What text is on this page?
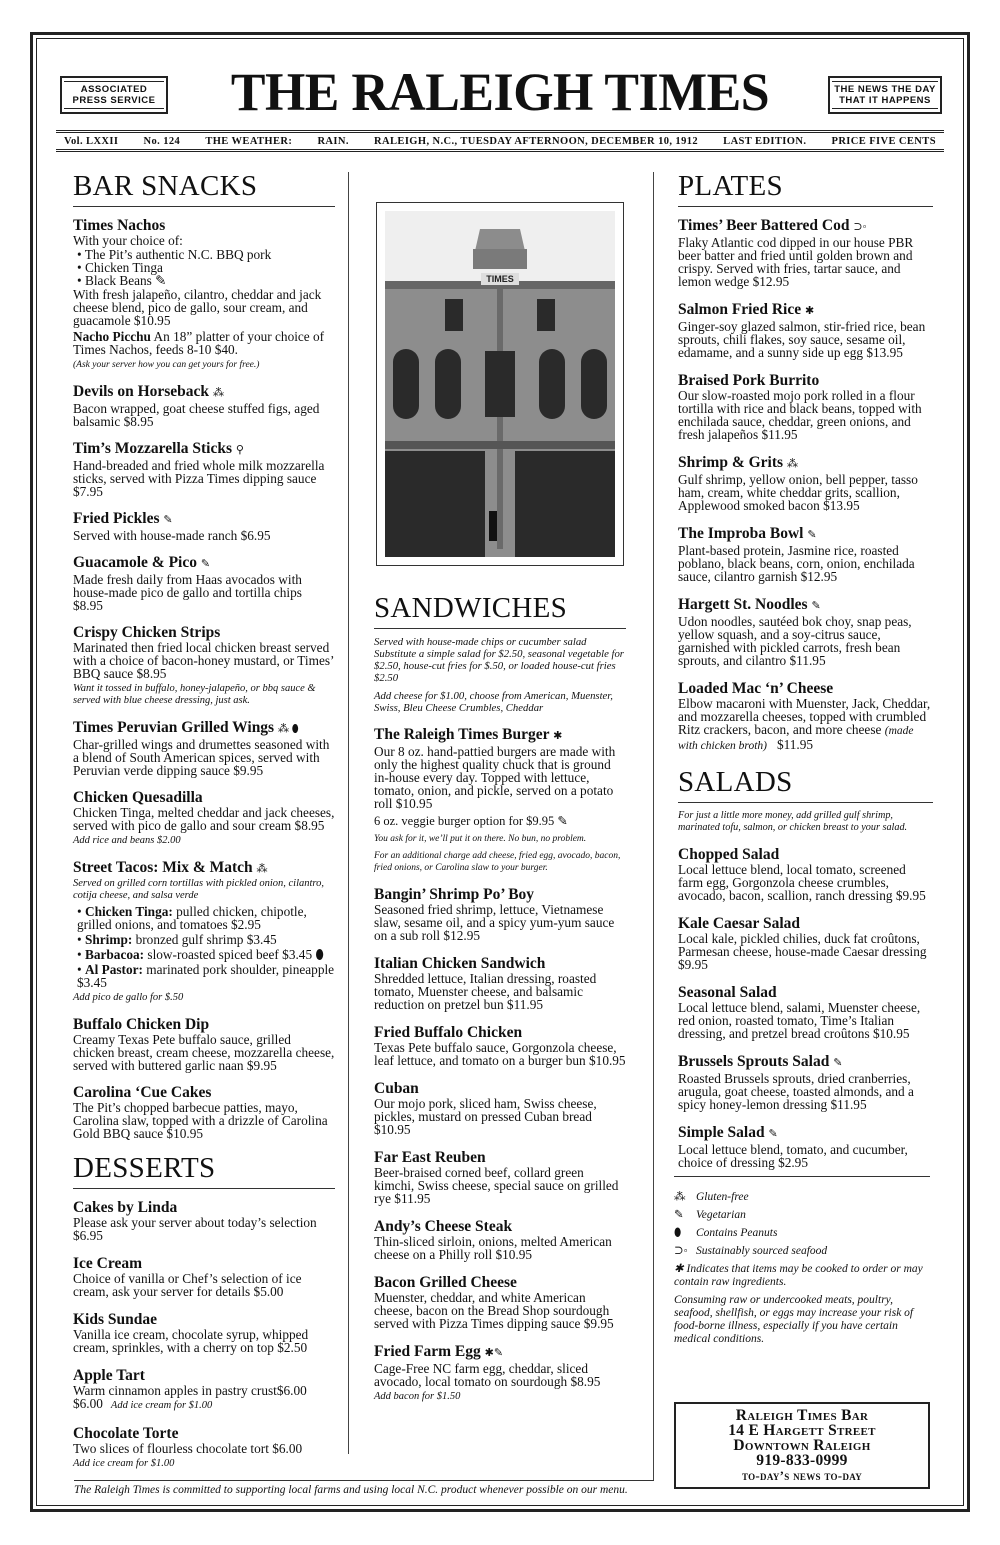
ASSOCIATED
PRESS SERVICE	THE RALEIGH TIMES	THE NEWS THE DAY
THAT IT HAPPENS
Vol. LXXII No. 124 THE WEATHER: RAIN. RALEIGH, N.C., TUESDAY AFTERNOON, DECEMBER 10, 1912 LAST EDITION. PRICE FIVE CENTS
BAR SNACKS
Times Nachos
With your choice of:
• The Pit’s authentic N.C. BBQ pork
• Chicken Tinga
• Black Beans ✎
With fresh jalapeño, cilantro, cheddar and jack cheese blend, pico de gallo, sour cream, and guacamole $10.95
Nacho Picchu An 18” platter of your choice of Times Nachos, feeds 8-10 $40.
(Ask your server how you can get yours for free.)
Devils on Horseback ⁂
Bacon wrapped, goat cheese stuffed figs, aged balsamic $8.95
Tim’s Mozzarella Sticks ⚲
Hand-breaded and fried whole milk mozzarella sticks, served with Pizza Times dipping sauce $7.95
Fried Pickles ✎
Served with house-made ranch $6.95
Guacamole & Pico ✎
Made fresh daily from Haas avocados with house-made pico de gallo and tortilla chips $8.95
Crispy Chicken Strips
Marinated then fried local chicken breast served with a choice of bacon-honey mustard, or Times’ BBQ sauce $8.95
Want it tossed in buffalo, honey-jalapeño, or bbq sauce & served with blue cheese dressing, just ask.
Times Peruvian Grilled Wings ⁂ ⬮
Char-grilled wings and drumettes seasoned with a blend of South American spices, served with Peruvian verde dipping sauce $9.95
Chicken Quesadilla
Chicken Tinga, melted cheddar and jack cheeses, served with pico de gallo and sour cream $8.95
Add rice and beans $2.00
Street Tacos: Mix & Match ⁂
Served on grilled corn tortillas with pickled onion, cilantro, cotija cheese, and salsa verde
• Chicken Tinga: pulled chicken, chipotle, grilled onions, and tomatoes $2.95
• Shrimp: bronzed gulf shrimp $3.45
• Barbacoa: slow-roasted spiced beef $3.45 ⬮
• Al Pastor: marinated pork shoulder, pineapple $3.45
Add pico de gallo for $.50
Buffalo Chicken Dip
Creamy Texas Pete buffalo sauce, grilled chicken breast, cream cheese, mozzarella cheese, served with buttered garlic naan $9.95
Carolina ‘Cue Cakes
The Pit’s chopped barbecue patties, mayo, Carolina slaw, topped with a drizzle of Carolina Gold BBQ sauce $10.95
DESSERTS
Cakes by Linda
Please ask your server about today’s selection $6.95
Ice Cream
Choice of vanilla or Chef’s selection of ice cream, ask your server for details $5.00
Kids Sundae
Vanilla ice cream, chocolate syrup, whipped cream, sprinkles, with a cherry on top $2.50
Apple Tart
Warm cinnamon apples in pastry crust$6.00
$6.00 Add ice cream for $1.00
Chocolate Torte
Two slices of flourless chocolate tort $6.00
Add ice cream for $1.00
TIMES
SANDWICHES
Served with house-made chips or cucumber salad Substitute a simple salad for $2.50, seasonal vegetable for $2.50, house-cut fries for $.50, or loaded house-cut fries $2.50
Add cheese for $1.00, choose from American, Muenster, Swiss, Bleu Cheese Crumbles, Cheddar
The Raleigh Times Burger ✱
Our 8 oz. hand-pattied burgers are made with only the highest quality chuck that is ground in-house every day. Topped with lettuce, tomato, onion, and pickle, served on a potato roll $10.95
6 oz. veggie burger option for $9.95 ✎
You ask for it, we’ll put it on there. No bun, no problem.
For an additional charge add cheese, fried egg, avocado, bacon, fried onions, or Carolina slaw to your burger.
Bangin’ Shrimp Po’ Boy
Seasoned fried shrimp, lettuce, Vietnamese slaw, sesame oil, and a spicy yum-yum sauce on a sub roll $12.95
Italian Chicken Sandwich
Shredded lettuce, Italian dressing, roasted tomato, Muenster cheese, and balsamic reduction on pretzel bun $11.95
Fried Buffalo Chicken
Texas Pete buffalo sauce, Gorgonzola cheese, leaf lettuce, and tomato on a burger bun $10.95
Cuban
Our mojo pork, sliced ham, Swiss cheese, pickles, mustard on pressed Cuban bread $10.95
Far East Reuben
Beer-braised corned beef, collard green kimchi, Swiss cheese, special sauce on grilled rye $11.95
Andy’s Cheese Steak
Thin-sliced sirloin, onions, melted American cheese on a Philly roll $10.95
Bacon Grilled Cheese
Muenster, cheddar, and white American cheese, bacon on the Bread Shop sourdough served with Pizza Times dipping sauce $9.95
Fried Farm Egg ✱✎
Cage-Free NC farm egg, cheddar, sliced avocado, local tomato on sourdough $8.95
Add bacon for $1.50
PLATES
Times’ Beer Battered Cod ⊃◦
Flaky Atlantic cod dipped in our house PBR beer batter and fried until golden brown and crispy. Served with fries, tartar sauce, and lemon wedge $12.95
Salmon Fried Rice ✱
Ginger-soy glazed salmon, stir-fried rice, bean sprouts, chili flakes, soy sauce, sesame oil, edamame, and a sunny side up egg $13.95
Braised Pork Burrito
Our slow-roasted mojo pork rolled in a flour tortilla with rice and black beans, topped with enchilada sauce, cheddar, green onions, and fresh jalapeños $11.95
Shrimp & Grits ⁂
Gulf shrimp, yellow onion, bell pepper, tasso ham, cream, white cheddar grits, scallion, Applewood smoked bacon $13.95
The Improba Bowl ✎
Plant-based protein, Jasmine rice, roasted poblano, black beans, corn, onion, enchilada sauce, cilantro garnish $12.95
Hargett St. Noodles ✎
Udon noodles, sautéed bok choy, snap peas, yellow squash, and a soy-citrus sauce, garnished with pickled carrots, fresh bean sprouts, and cilantro $11.95
Loaded Mac ‘n’ Cheese
Elbow macaroni with Muenster, Jack, Cheddar, and mozzarella cheeses, topped with crumbled Ritz crackers, bacon, and more cheese (made with chicken broth)   $11.95
SALADS
For just a little more money, add grilled gulf shrimp, marinated tofu, salmon, or chicken breast to your salad.
Chopped Salad
Local lettuce blend, local tomato, screened farm egg, Gorgonzola cheese crumbles, avocado, bacon, scallion, ranch dressing $9.95
Kale Caesar Salad
Local kale, pickled chilies, duck fat croûtons, Parmesan cheese, house-made Caesar dressing $9.95
Seasonal Salad
Local lettuce blend, salami, Muenster cheese, red onion, roasted tomato, Time’s Italian dressing, and pretzel bread croûtons $10.95
Brussels Sprouts Salad ✎
Roasted Brussels sprouts, dried cranberries, arugula, goat cheese, toasted almonds, and a spicy honey-lemon dressing $11.95
Simple Salad ✎
Local lettuce blend, tomato, and cucumber, choice of dressing $2.95
⁂ Gluten-free
✎	Vegetarian
⬮	Contains Peanuts
⊃◦ Sustainably sourced seafood
✱ Indicates that items may be cooked to order or may contain raw ingredients.
Consuming raw or undercooked meats, poultry, seafood, shellfish, or eggs may increase your risk of food-borne illness, especially if you have certain medical conditions.
Raleigh Times Bar
14 E Hargett Street
Downtown Raleigh
919-833-0999
to-day’s news to-day
The Raleigh Times is committed to supporting local farms and using local N.C. product whenever possible on our menu.
